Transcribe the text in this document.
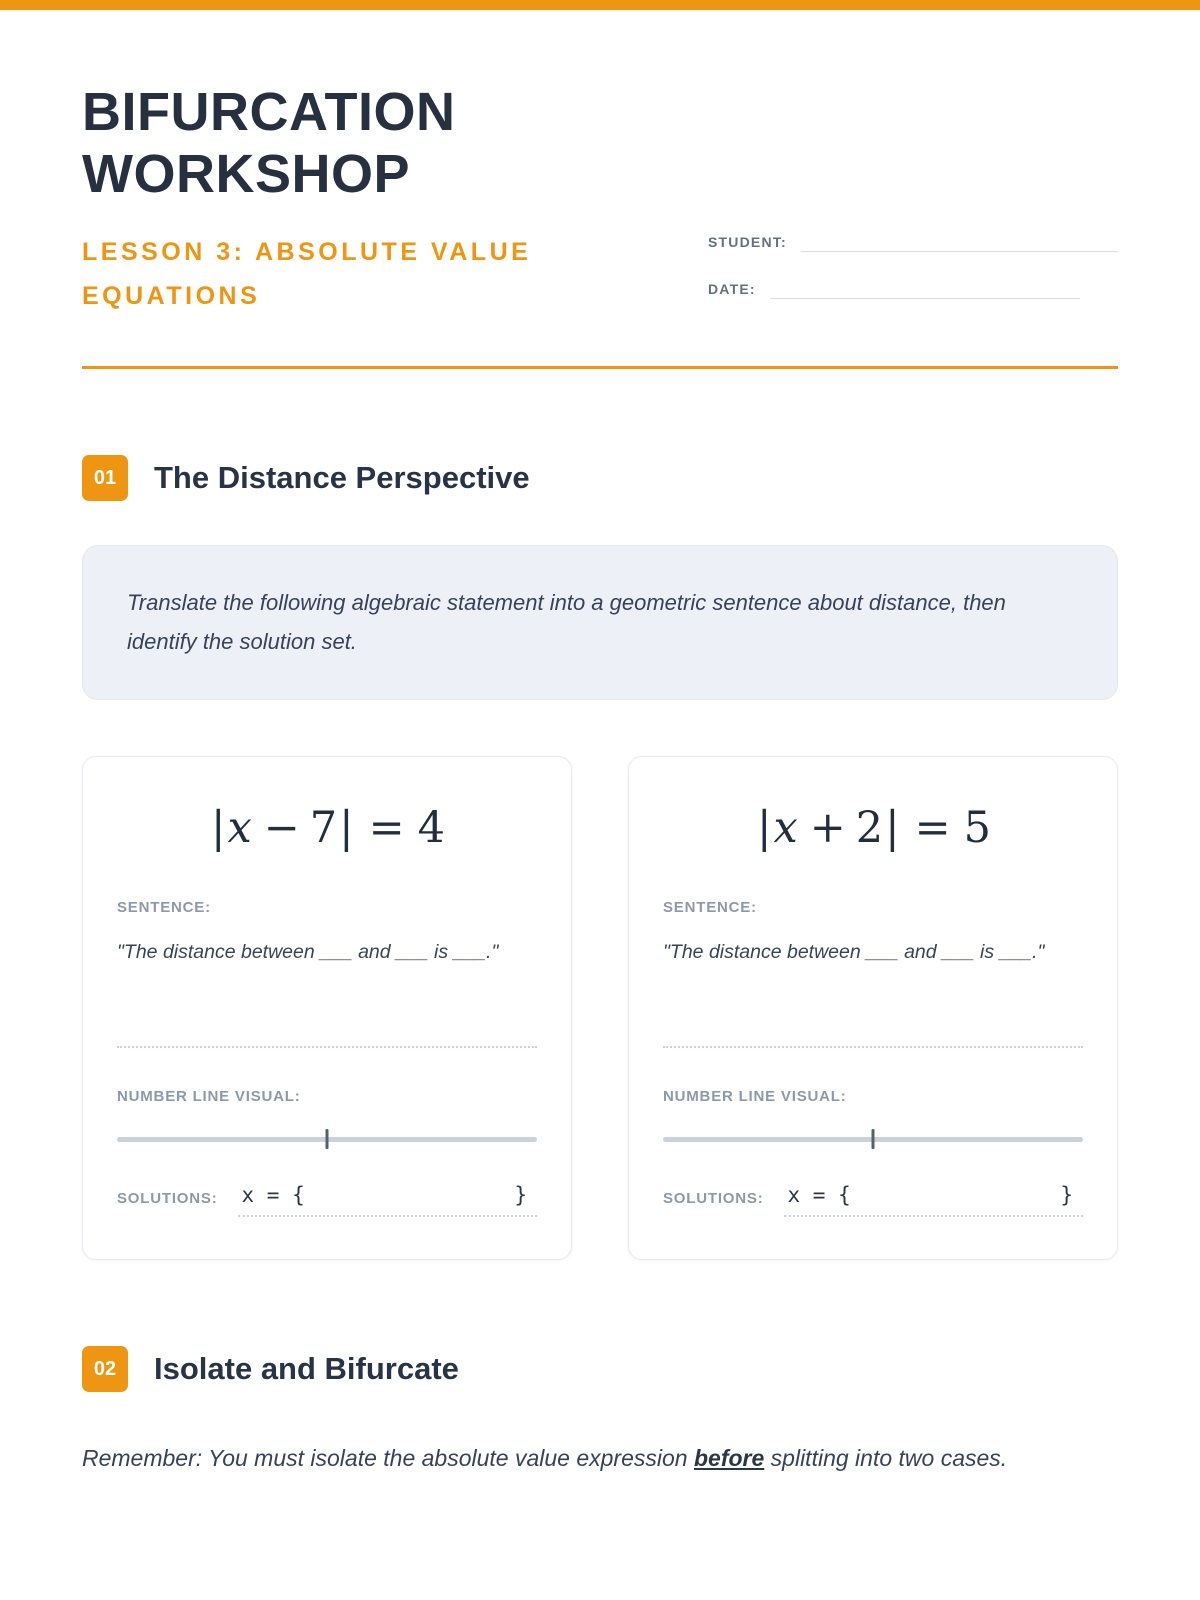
BIFURCATION
WORKSHOP
LESSON 3: ABSOLUTE VALUE EQUATIONS
STUDENT:
DATE:
01	The Distance Perspective

Translate the following algebraic statement into a geometric sentence about distance, then identify the solution set.

|x − 7| = 4
SENTENCE:

"The distance between ___ and ___ is ___."

NUMBER LINE VISUAL:
SOLUTIONS: x = {	}
|x + 2| = 5
SENTENCE:

"The distance between ___ and ___ is ___."

NUMBER LINE VISUAL:
SOLUTIONS: x = {	}
02	Isolate and Bifurcate

Remember: You must isolate the absolute value expression before splitting into two cases.
